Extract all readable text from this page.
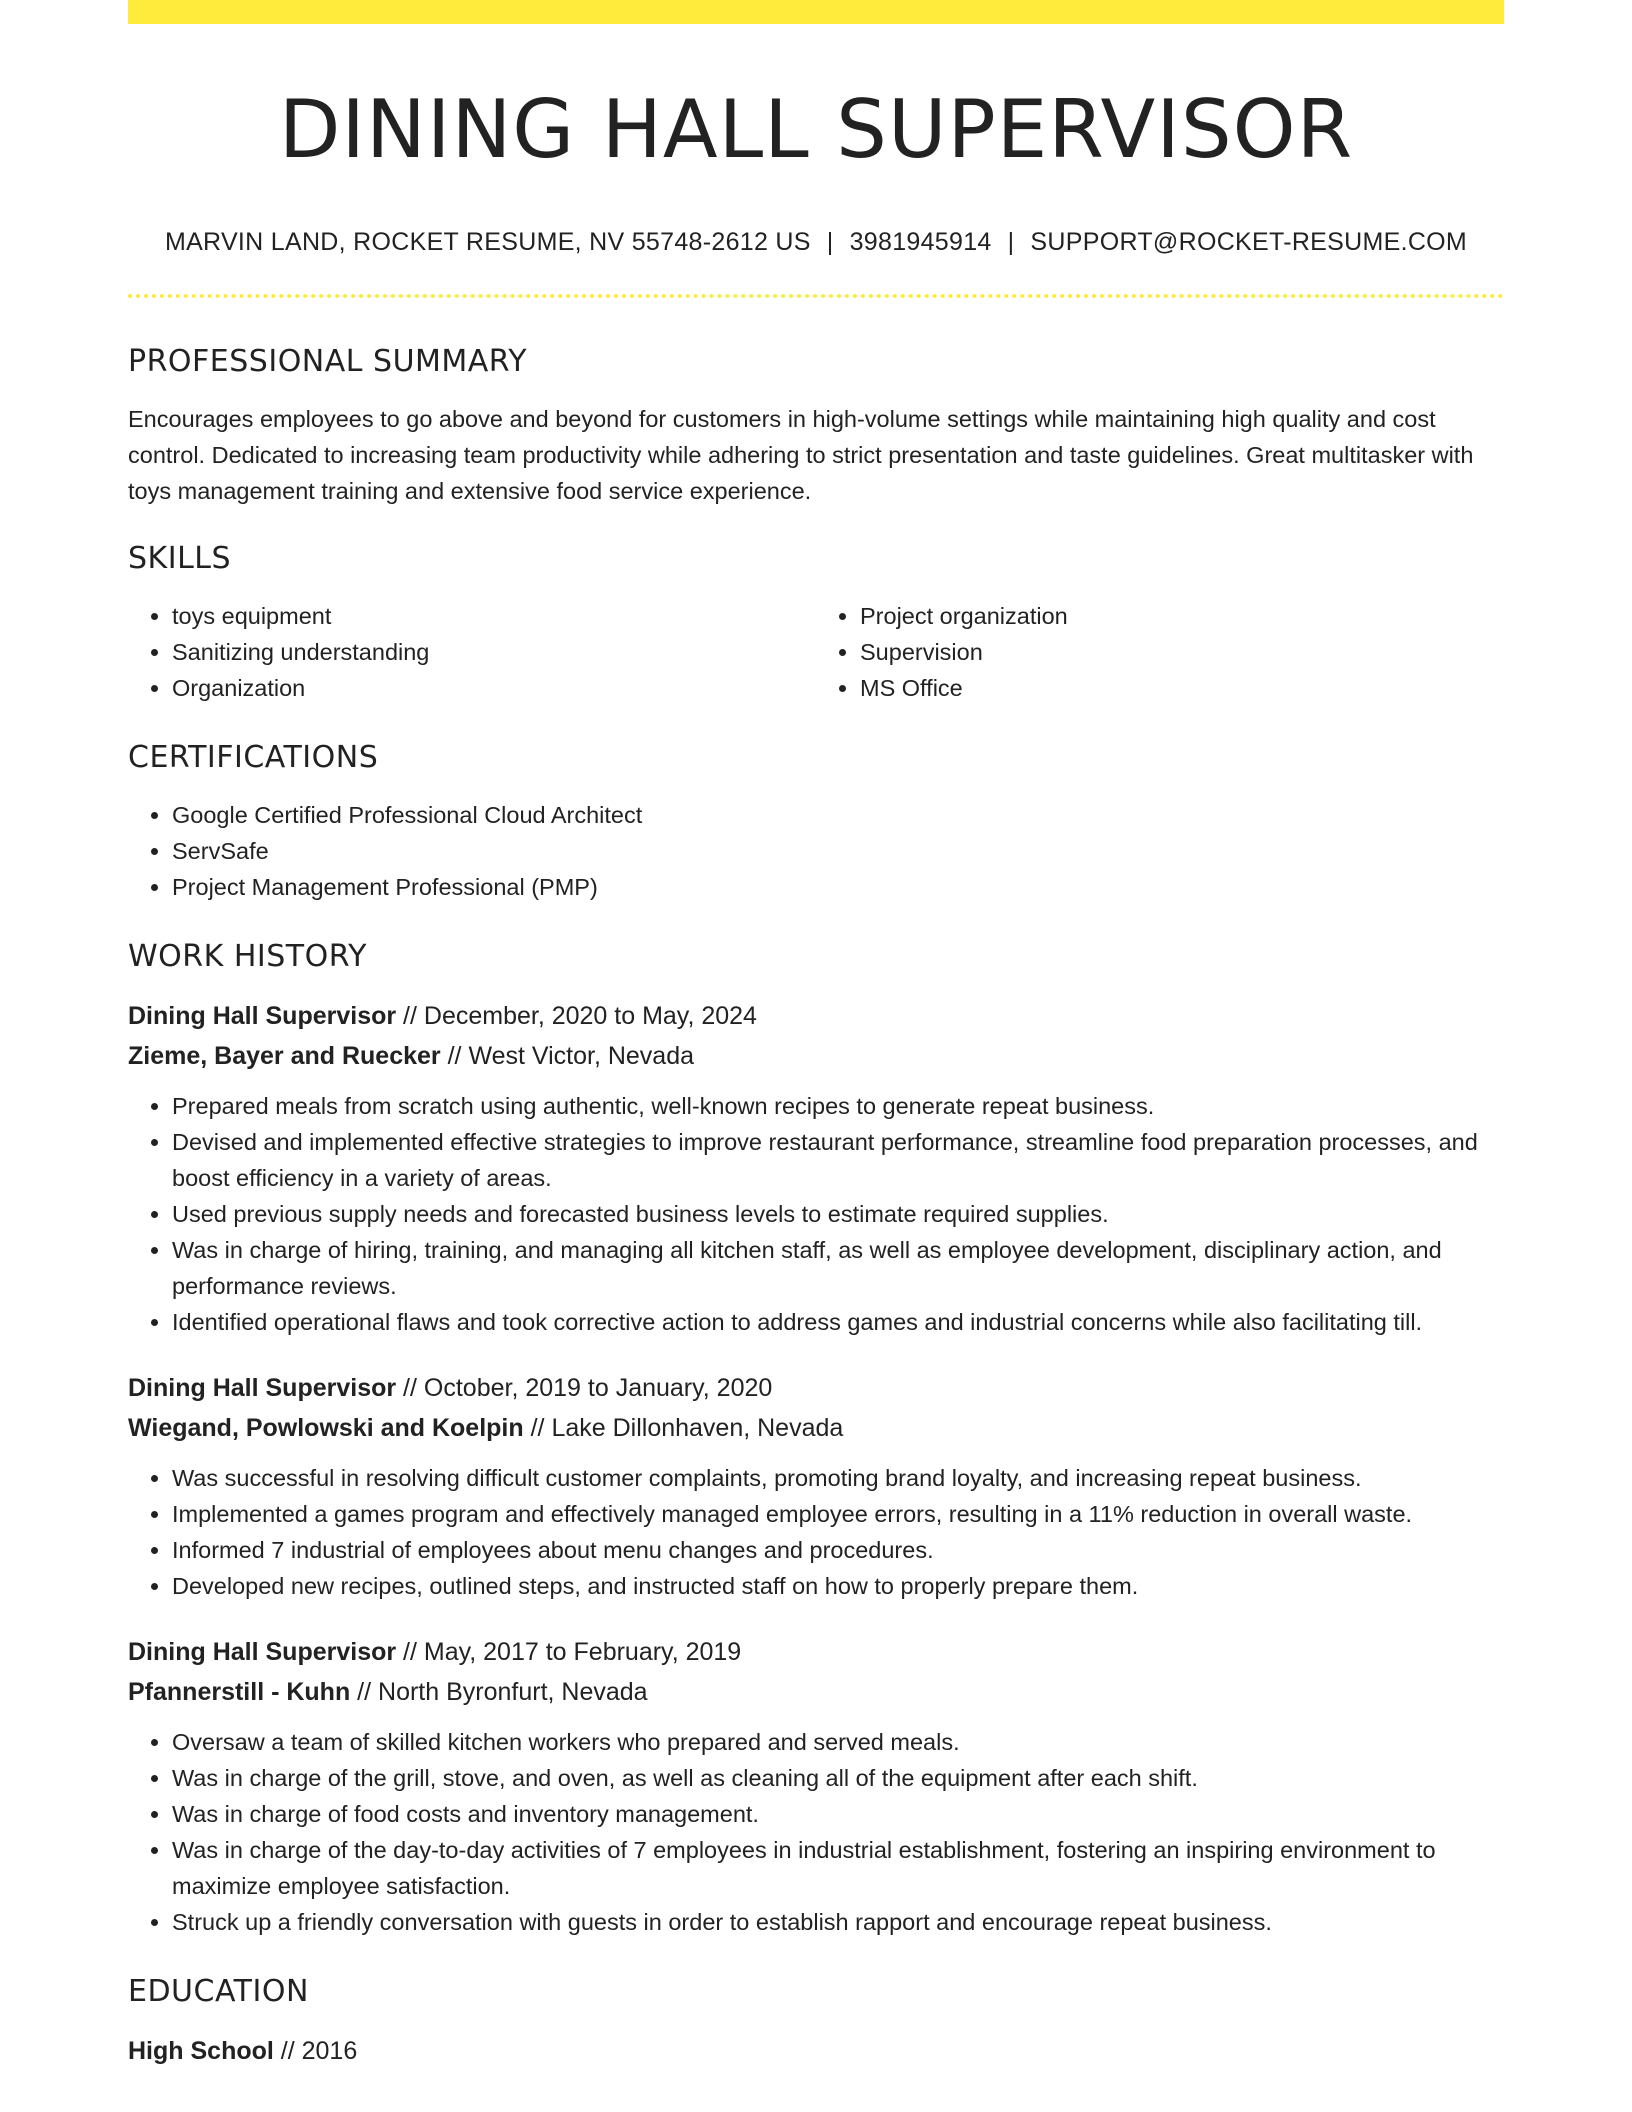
DINING HALL SUPERVISOR
MARVIN LAND, ROCKET RESUME, NV 55748-2612 US | 3981945914 | SUPPORT@ROCKET-RESUME.COM
PROFESSIONAL SUMMARY

Encourages employees to go above and beyond for customers in high-volume settings while maintaining high quality and cost control. Dedicated to increasing team productivity while adhering to strict presentation and taste guidelines. Great multitasker with toys management training and extensive food service experience.

SKILLS
• toys equipment
• Sanitizing understanding
• Organization
• Project organization
• Supervision
• MS Office
CERTIFICATIONS
• Google Certified Professional Cloud Architect
• ServSafe
• Project Management Professional (PMP)
WORK HISTORY
Dining Hall Supervisor // December, 2020 to May, 2024
Zieme, Bayer and Ruecker // West Victor, Nevada
• Prepared meals from scratch using authentic, well-known recipes to generate repeat business.
• Devised and implemented effective strategies to improve restaurant performance, streamline food preparation processes, and boost efficiency in a variety of areas.
• Used previous supply needs and forecasted business levels to estimate required supplies.
• Was in charge of hiring, training, and managing all kitchen staff, as well as employee development, disciplinary action, and performance reviews.
• Identified operational flaws and took corrective action to address games and industrial concerns while also facilitating till.
Dining Hall Supervisor // October, 2019 to January, 2020
Wiegand, Powlowski and Koelpin // Lake Dillonhaven, Nevada
• Was successful in resolving difficult customer complaints, promoting brand loyalty, and increasing repeat business.
• Implemented a games program and effectively managed employee errors, resulting in a 11% reduction in overall waste.
• Informed 7 industrial of employees about menu changes and procedures.
• Developed new recipes, outlined steps, and instructed staff on how to properly prepare them.
Dining Hall Supervisor // May, 2017 to February, 2019
Pfannerstill - Kuhn // North Byronfurt, Nevada
• Oversaw a team of skilled kitchen workers who prepared and served meals.
• Was in charge of the grill, stove, and oven, as well as cleaning all of the equipment after each shift.
• Was in charge of food costs and inventory management.
• Was in charge of the day-to-day activities of 7 employees in industrial establishment, fostering an inspiring environment to maximize employee satisfaction.
• Struck up a friendly conversation with guests in order to establish rapport and encourage repeat business.
EDUCATION
High School // 2016
